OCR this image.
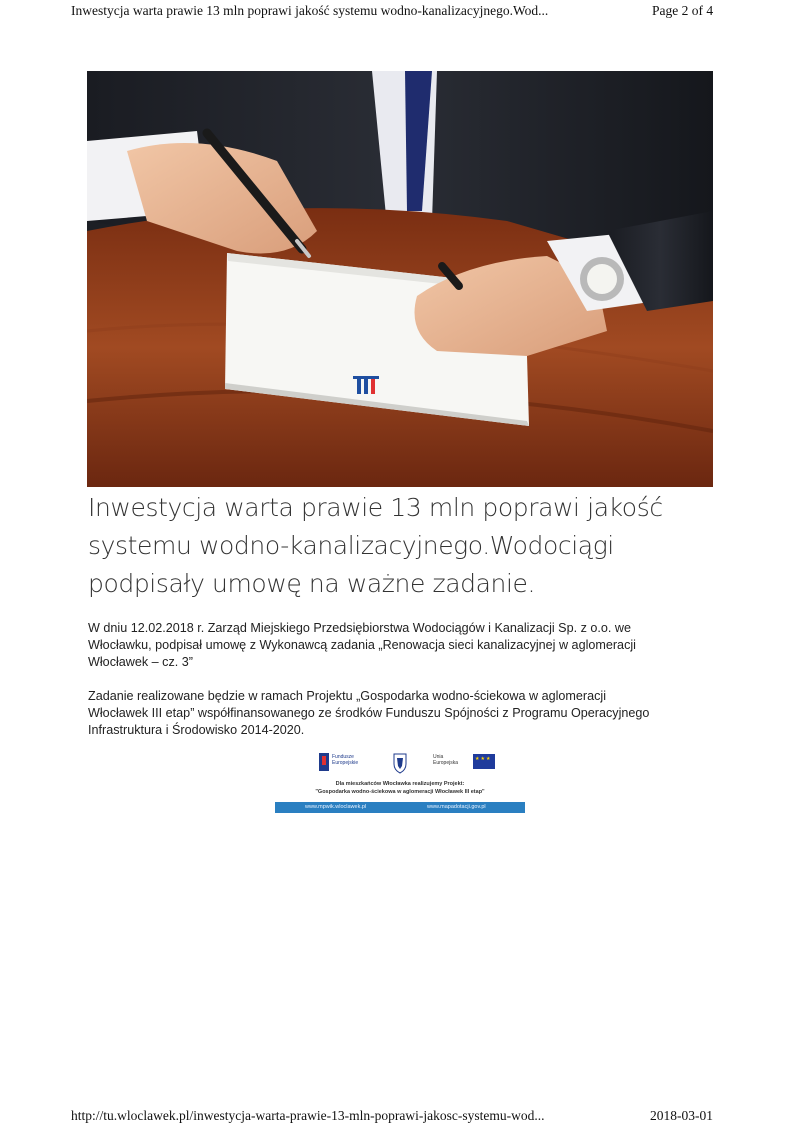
Inwestycja warta prawie 13 mln poprawi jakość systemu wodno-kanalizacyjnego.Wod...	Page 2 of 4
Inwestycja warta prawie 13 mln poprawi jakość
systemu wodno-kanalizacyjnego.Wodociągi
podpisały umowę na ważne zadanie.

W dniu 12.02.2018 r. Zarząd Miejskiego Przedsiębiorstwa Wodociągów i Kanalizacji Sp. z o.o. we
Włocławku, podpisał umowę z Wykonawcą zadania „Renowacja sieci kanalizacyjnej w aglomeracji
Włocławek – cz. 3”

Zadanie realizowane będzie w ramach Projektu „Gospodarka wodno-ściekowa w aglomeracji
Włocławek III etap” współfinansowanego ze środków Funduszu Spójności z Programu Operacyjnego
Infrastruktura i Środowisko 2014-2020.

Fundusze Europejskie
Unia Europejska
★★★
Dla mieszkańców Włocławka realizujemy Projekt:
"Gospodarka wodno-ściekowa w aglomeracji Włocławek III etap"
www.mpwik.wloclawek.pl	www.mapadotacji.gov.pl
http://tu.wloclawek.pl/inwestycja-warta-prawie-13-mln-poprawi-jakosc-systemu-wod...	2018-03-01
